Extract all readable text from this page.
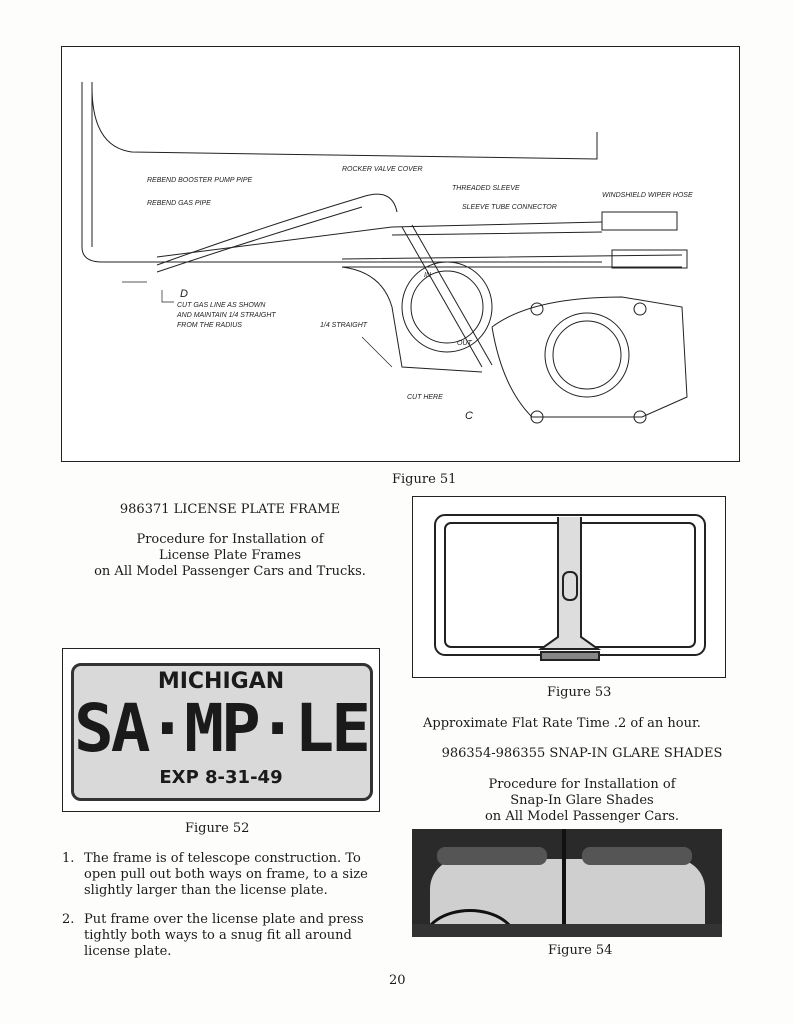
ROCKER VALVE COVER
REBEND BOOSTER PUMP PIPE
REBEND GAS PIPE
THREADED SLEEVE
SLEEVE TUBE CONNECTOR
WINDSHIELD WIPER HOSE
CUT GAS LINE AS SHOWN
AND MAINTAIN 1/4 STRAIGHT
FROM THE RADIUS	1/4 STRAIGHT
CUT HERE
IN
OUT
D
C
Figure 51
986371 LICENSE PLATE FRAME
Procedure for Installation of
License Plate Frames
on All Model Passenger Cars and Trucks.
Figure 53
MICHIGAN
SA·MP·LE
EXP 8-31-49
Figure 52
Approximate Flat Rate Time .2 of an hour.
986354-986355 SNAP-IN GLARE SHADES
Procedure for Installation of
Snap-In Glare Shades
on All Model Passenger Cars.
Figure 54
1. The frame is of telescope construction. To
open pull out both ways on frame, to a size
slightly larger than the license plate.
2. Put frame over the license plate and press
tightly both ways to a snug fit all around
license plate.
20
